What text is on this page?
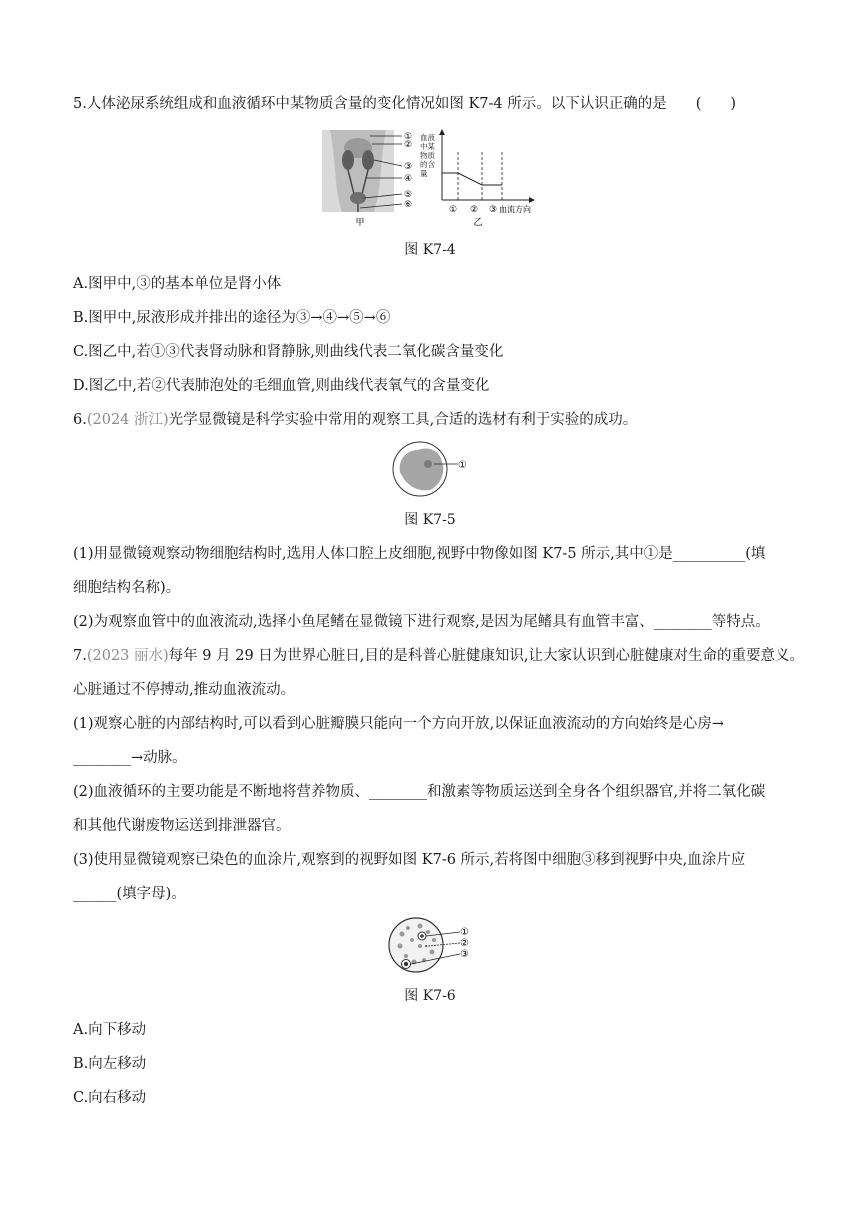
5.人体泌尿系统组成和血液循环中某物质含量的变化情况如图 K7-4 所示。以下认识正确的是　　(　　)
①
②
③
④
⑤
⑥
甲
血液
中某
物质
的含
量
① ② ③ 血流方向
乙
图 K7-4
A.图甲中,③的基本单位是肾小体
B.图甲中,尿液形成并排出的途径为③→④→⑤→⑥
C.图乙中,若①③代表肾动脉和肾静脉,则曲线代表二氧化碳含量变化
D.图乙中,若②代表肺泡处的毛细血管,则曲线代表氧气的含量变化
6.(2024 浙江)光学显微镜是科学实验中常用的观察工具,合适的选材有利于实验的成功。
①
图 K7-5
(1)用显微镜观察动物细胞结构时,选用人体口腔上皮细胞,视野中物像如图 K7-5 所示,其中①是__________(填
细胞结构名称)。
(2)为观察血管中的血液流动,选择小鱼尾鳍在显微镜下进行观察,是因为尾鳍具有血管丰富、________等特点。
7.(2023 丽水)每年 9 月 29 日为世界心脏日,目的是科普心脏健康知识,让大家认识到心脏健康对生命的重要意义。
心脏通过不停搏动,推动血液流动。
(1)观察心脏的内部结构时,可以看到心脏瓣膜只能向一个方向开放,以保证血液流动的方向始终是心房→
________→动脉。
(2)血液循环的主要功能是不断地将营养物质、________和激素等物质运送到全身各个组织器官,并将二氧化碳
和其他代谢废物运送到排泄器官。
(3)使用显微镜观察已染色的血涂片,观察到的视野如图 K7-6 所示,若将图中细胞③移到视野中央,血涂片应
______(填字母)。
①
②
③
图 K7-6
A.向下移动
B.向左移动
C.向右移动
